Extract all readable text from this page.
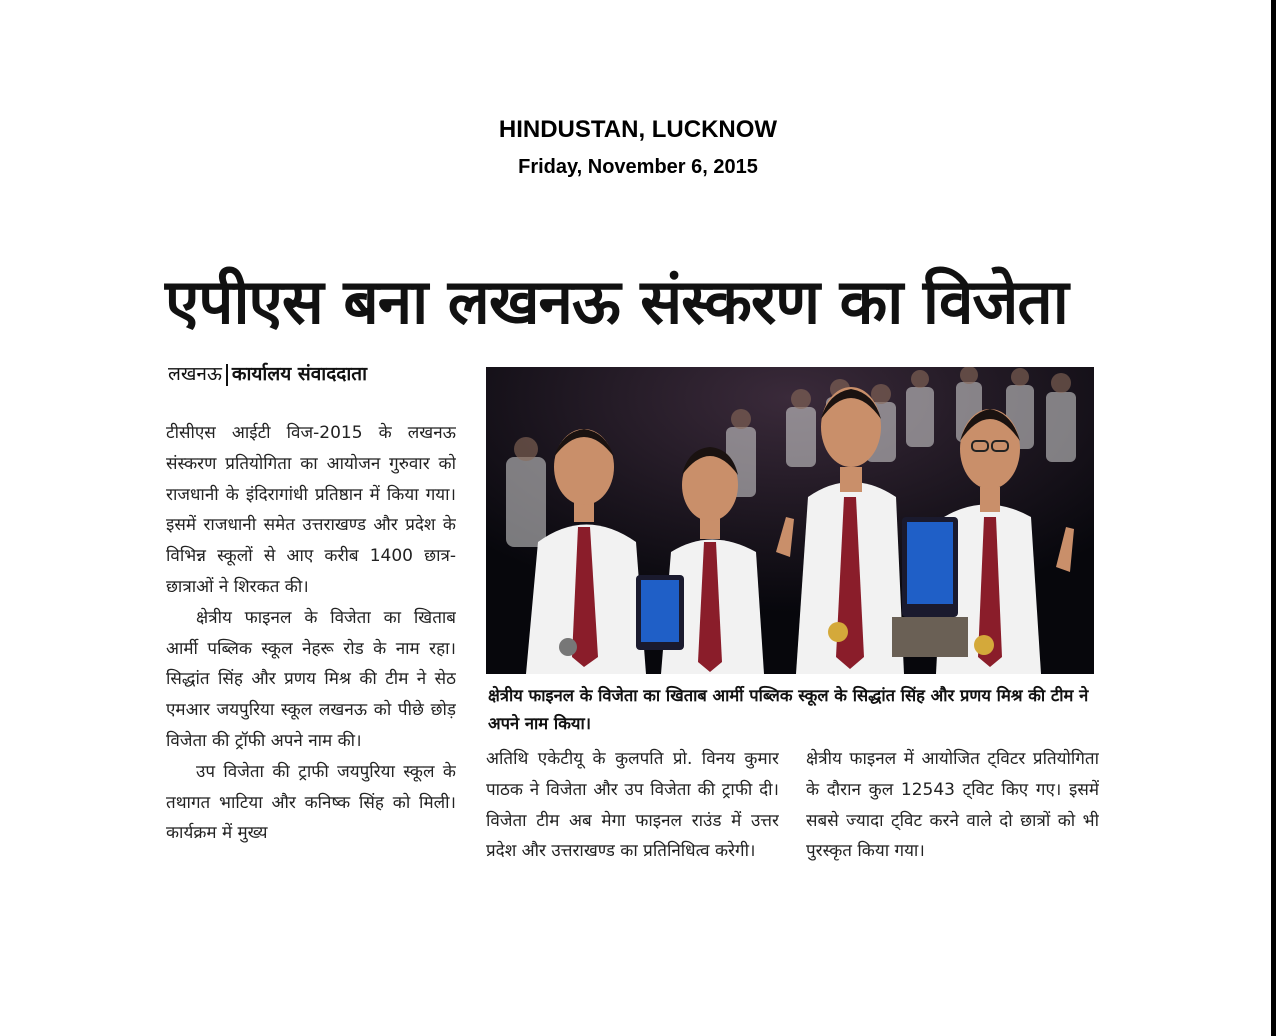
HINDUSTAN, LUCKNOW
Friday, November 6, 2015
एपीएस बना लखनऊ संस्करण का विजेता
लखनऊ कार्यालय संवाददाता

टीसीएस आईटी विज-2015 के लखनऊ संस्करण प्रतियोगिता का आयोजन गुरुवार को राजधानी के इंदिरागांधी प्रतिष्ठान में किया गया। इसमें राजधानी समेत उत्तराखण्ड और प्रदेश के विभिन्न स्कूलों से आए करीब 1400 छात्र-छात्राओं ने शिरकत की।

क्षेत्रीय फाइनल के विजेता का खिताब आर्मी पब्लिक स्कूल नेहरू रोड के नाम रहा। सिद्धांत सिंह और प्रणय मिश्र की टीम ने सेठ एमआर जयपुरिया स्कूल लखनऊ को पीछे छोड़ विजेता की ट्रॉफी अपने नाम की।

उप विजेता की ट्राफी जयपुरिया स्कूल के तथागत भाटिया और कनिष्क सिंह को मिली। कार्यक्रम में मुख्य

क्षेत्रीय फाइनल के विजेता का खिताब आर्मी पब्लिक स्कूल के सिद्धांत सिंह और प्रणय मिश्र की टीम ने अपने नाम किया।

अतिथि एकेटीयू के कुलपति प्रो. विनय कुमार पाठक ने विजेता और उप विजेता की ट्राफी दी। विजेता टीम अब मेगा फाइनल राउंड में उत्तर प्रदेश और उत्तराखण्ड का प्रतिनिधित्व करेगी।

क्षेत्रीय फाइनल में आयोजित ट्विटर प्रतियोगिता के दौरान कुल 12543 ट्विट किए गए। इसमें सबसे ज्यादा ट्विट करने वाले दो छात्रों को भी पुरस्कृत किया गया।
